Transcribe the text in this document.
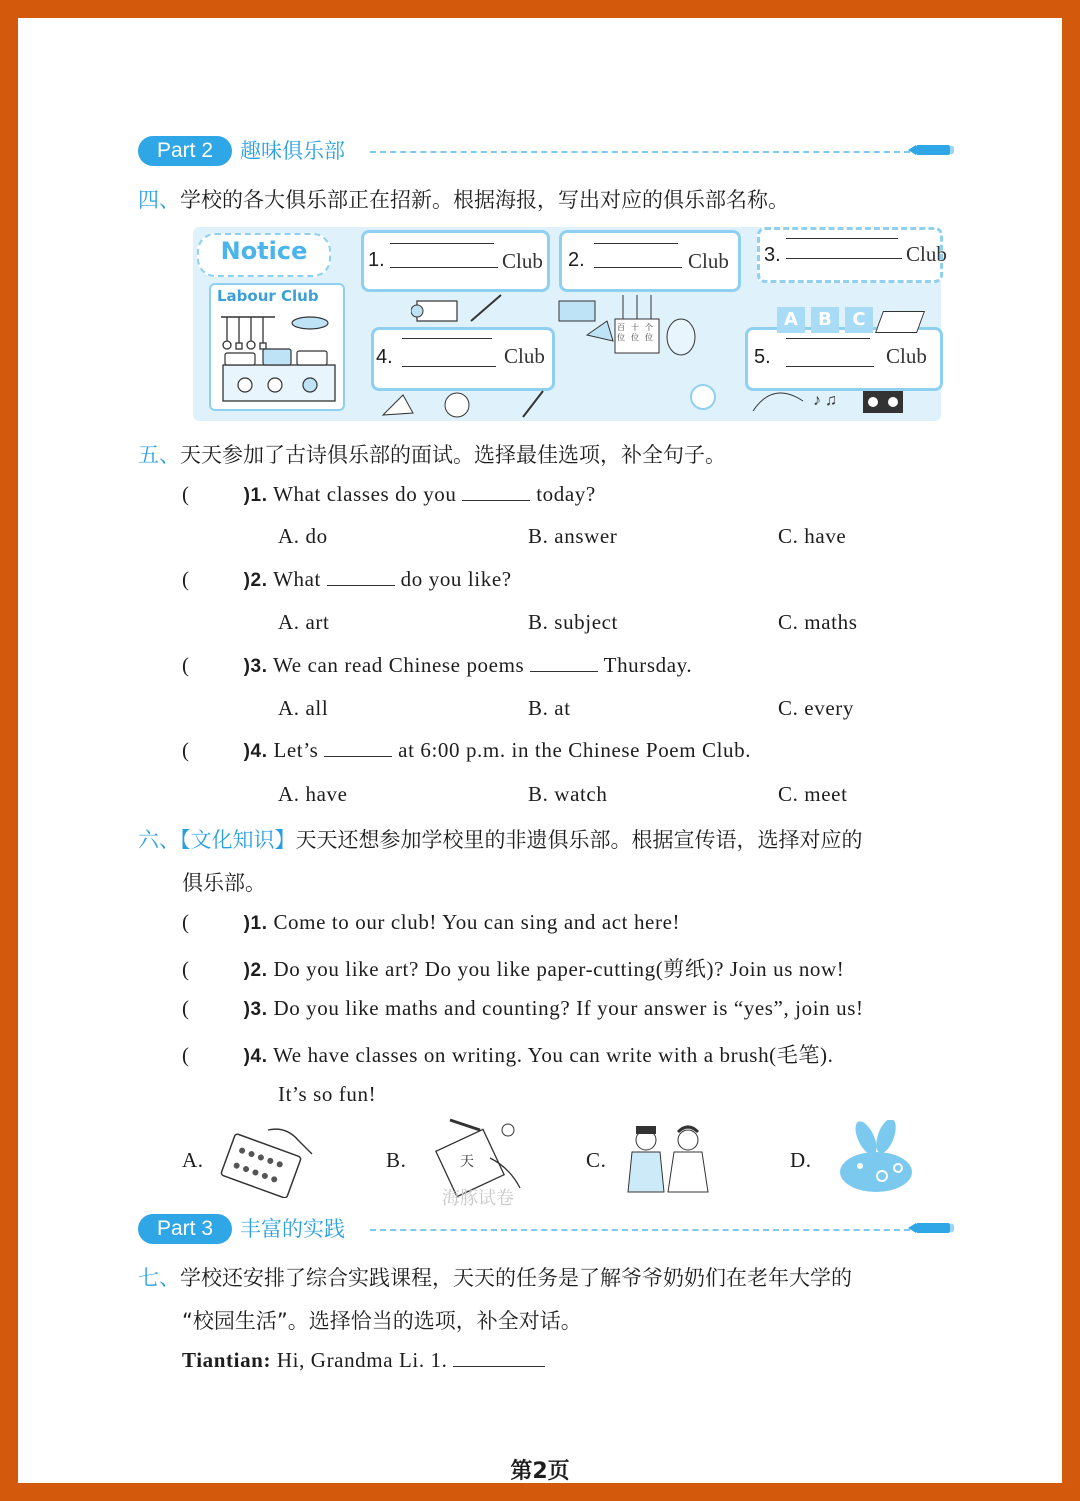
Part 2	趣味俱乐部
四、学校的各大俱乐部正在招新。根据海报，写出对应的俱乐部名称。
Notice
Labour Club
1.	Club 2.	Club 3.	Club
4.	Club	5.	Club
百 十 个
位 位 位
A	B	C
♪ ♫
五、天天参加了古诗俱乐部的面试。选择最佳选项，补全句子。
(	)1. What classes do you	today?
A. do	B. answer	C. have
(	)2. What	do you like?
A. art	B. subject	C. maths
(	)3. We can read Chinese poems	Thursday.
A. all	B. at	C. every
(	)4. Let’s	at 6:00 p.m. in the Chinese Poem Club.
A. have	B. watch	C. meet
六、【文化知识】天天还想参加学校里的非遗俱乐部。根据宣传语，选择对应的
俱乐部。
(	)1. Come to our club! You can sing and act here!
(	)2. Do you like art? Do you like paper-cutting(剪纸)? Join us now!
(	)3. Do you like maths and counting? If your answer is “yes”, join us!
(	)4. We have classes on writing. You can write with a brush(毛笔).
It’s so fun!
A.	B.	天
海豚试卷
C.	D.
Part 3	丰富的实践
七、学校还安排了综合实践课程，天天的任务是了解爷爷奶奶们在老年大学的
“校园生活”。选择恰当的选项，补全对话。
Tiantian: Hi, Grandma Li. 1.
第2页
